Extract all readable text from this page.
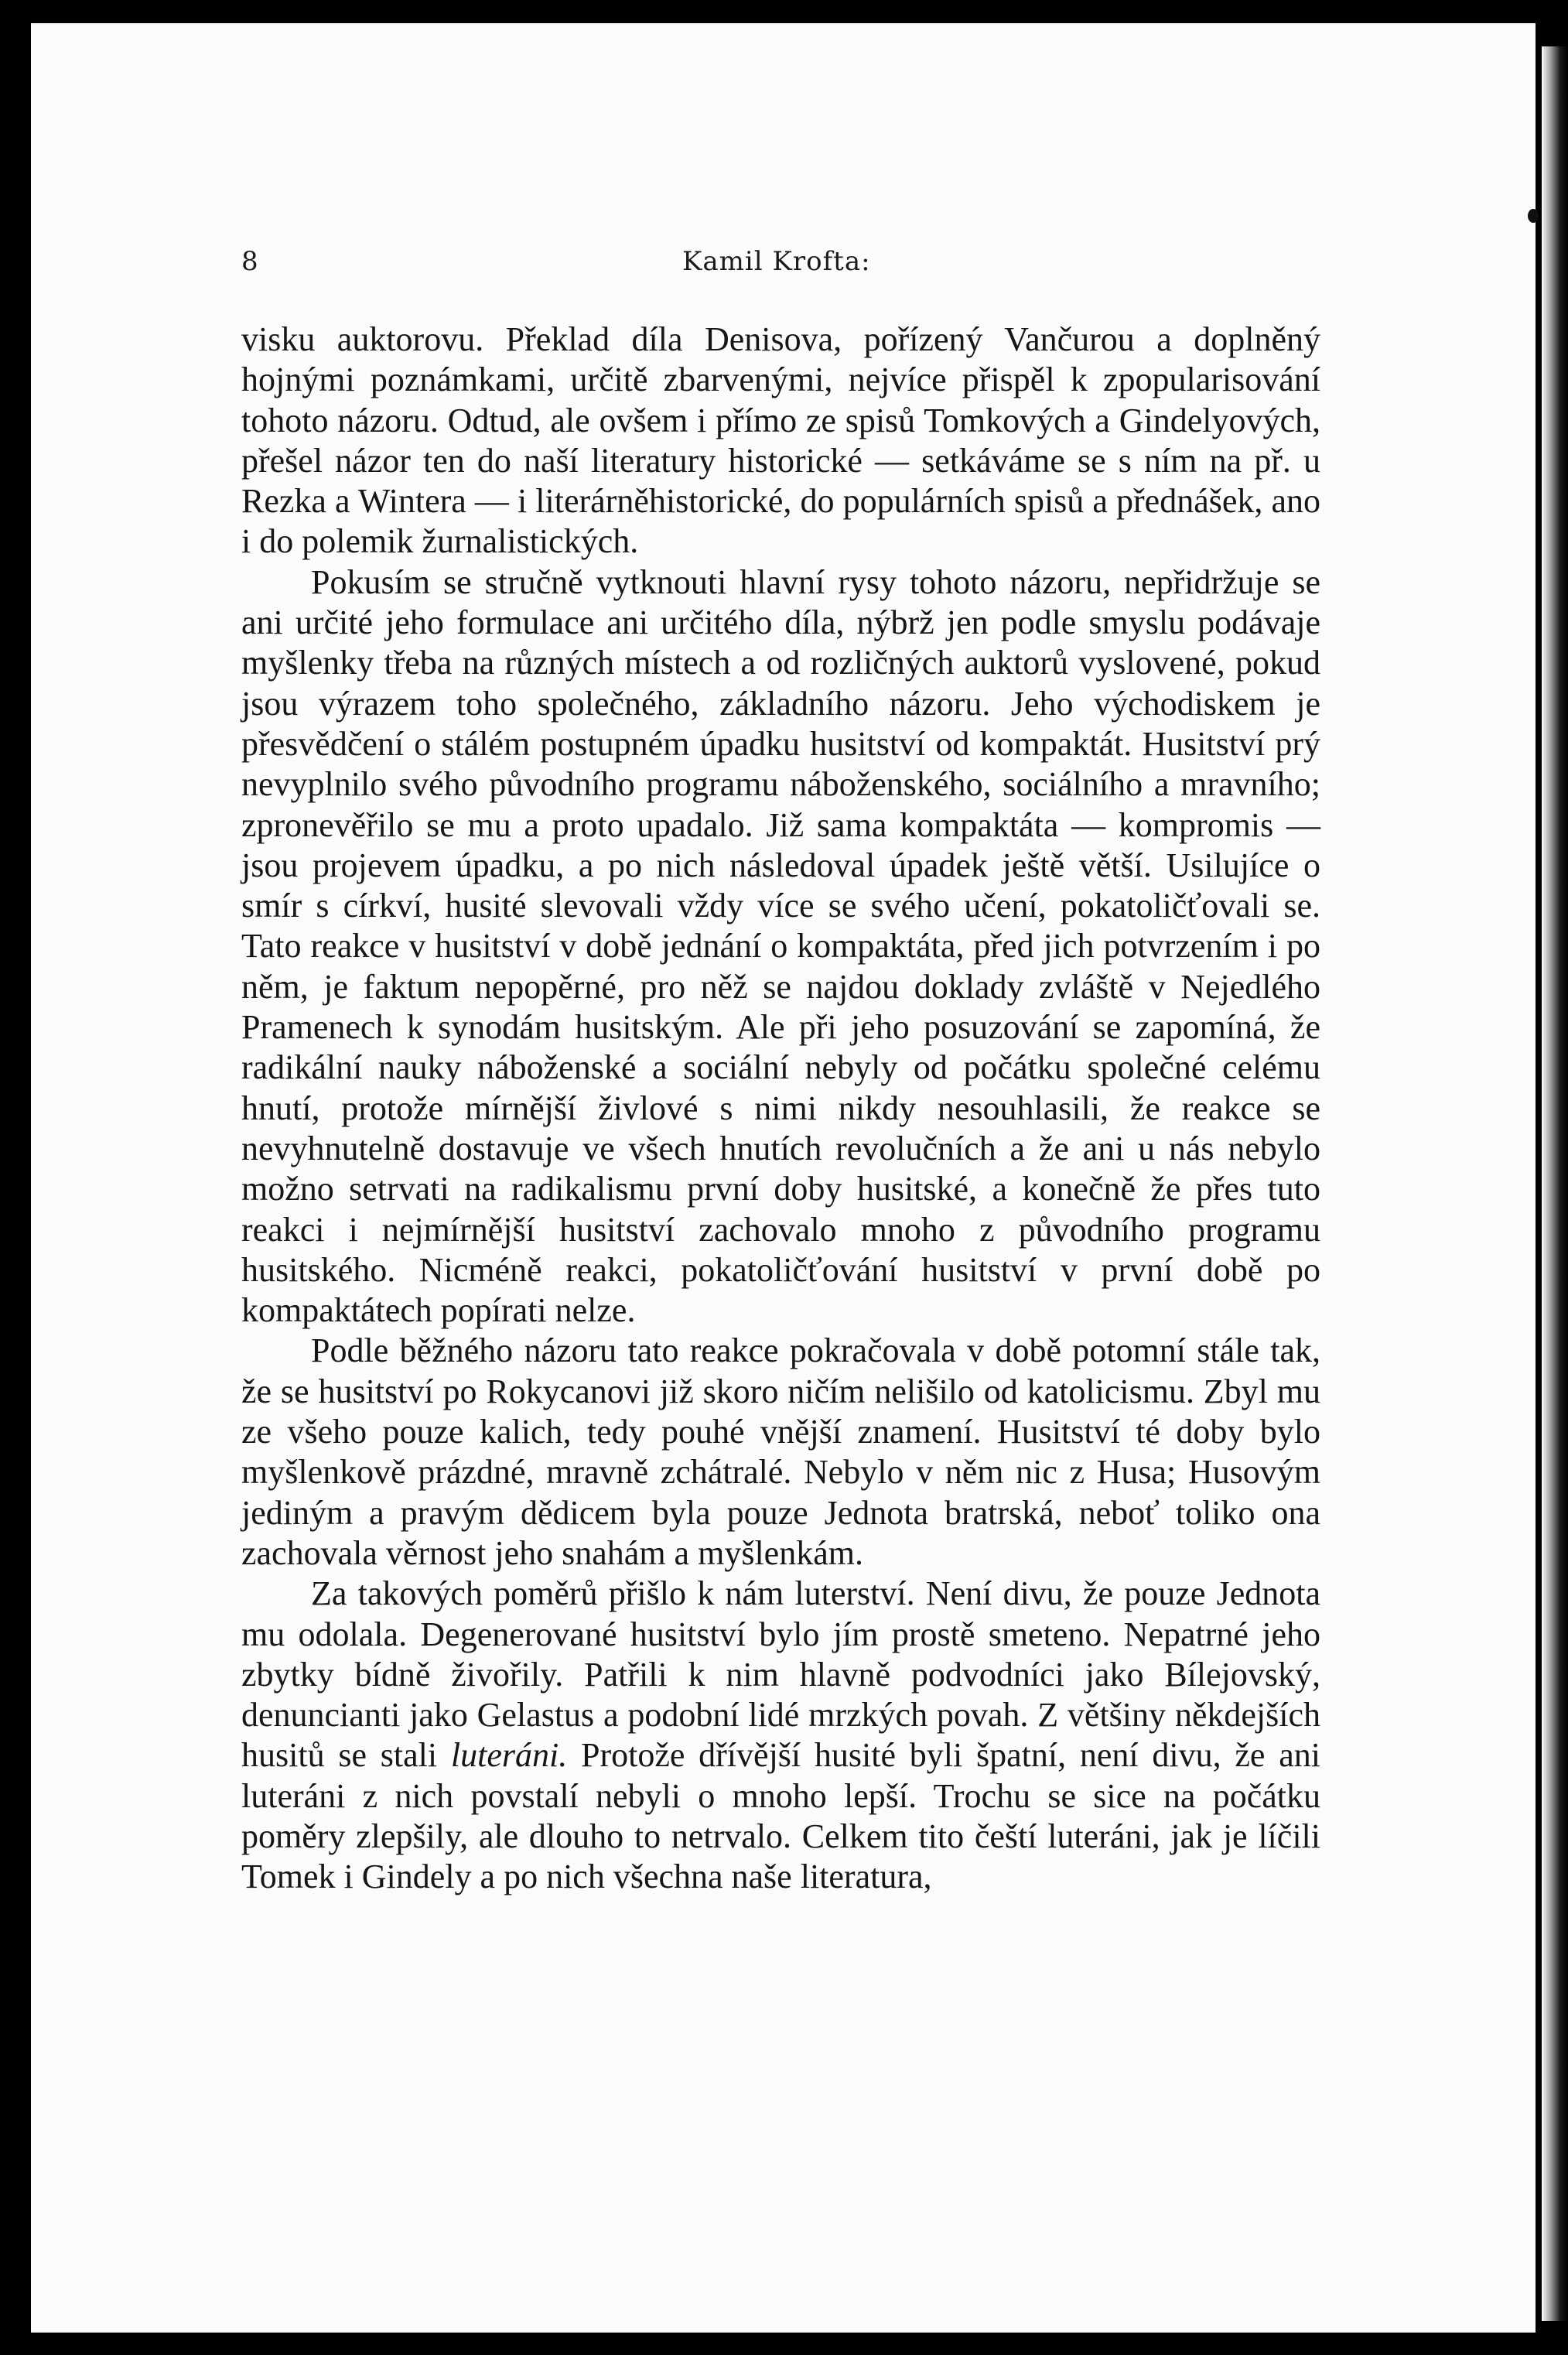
8	Kamil Krofta:

visku auktorovu. Překlad díla Denisova, pořízený Vančurou a doplněný hojnými poznámkami, určitě zbarvenými, nejvíce přispěl k zpopularisování tohoto názoru. Odtud, ale ovšem i přímo ze spisů Tomkových a Gindelyových, přešel názor ten do naší literatury historické — setkáváme se s ním na př. u Rezka a Wintera — i literárněhistorické, do populárních spisů a přednášek, ano i do polemik žurnalistických.

Pokusím se stručně vytknouti hlavní rysy tohoto názoru, nepřidržuje se ani určité jeho formulace ani určitého díla, nýbrž jen podle smyslu podávaje myšlenky třeba na různých místech a od rozličných auktorů vyslovené, pokud jsou výrazem toho společného, základního názoru. Jeho východiskem je přesvědčení o stálém postupném úpadku husitství od kompaktát. Husitství prý nevyplnilo svého původního programu náboženského, sociálního a mravního; zpronevěřilo se mu a proto upadalo. Již sama kompaktáta — kompromis — jsou projevem úpadku, a po nich následoval úpadek ještě větší. Usilujíce o smír s církví, husité slevovali vždy více se svého učení, pokatoličťovali se. Tato reakce v husitství v době jednání o kompaktáta, před jich potvrzením i po něm, je faktum nepopěrné, pro něž se najdou doklady zvláště v Nejedlého Pramenech k synodám husitským. Ale při jeho posuzování se zapomíná, že radikální nauky náboženské a sociální nebyly od počátku společné celému hnutí, protože mírnější živlové s nimi nikdy nesouhlasili, že reakce se nevyhnutelně dostavuje ve všech hnutích revolučních a že ani u nás nebylo možno setrvati na radikalismu první doby husitské, a konečně že přes tuto reakci i nejmírnější husitství zachovalo mnoho z původního programu husitského. Nicméně reakci, pokatoličťování husitství v první době po kompaktátech popírati nelze.

Podle běžného názoru tato reakce pokračovala v době potomní stále tak, že se husitství po Rokycanovi již skoro ničím nelišilo od katolicismu. Zbyl mu ze všeho pouze kalich, tedy pouhé vnější znamení. Husitství té doby bylo myšlenkově prázdné, mravně zchátralé. Nebylo v něm nic z Husa; Husovým jediným a pravým dědicem byla pouze Jednota bratrská, neboť toliko ona zachovala věrnost jeho snahám a myšlenkám.

Za takových poměrů přišlo k nám luterství. Není divu, že pouze Jednota mu odolala. Degenerované husitství bylo jím prostě smeteno. Nepatrné jeho zbytky bídně živořily. Patřili k nim hlavně podvodníci jako Bílejovský, denuncianti jako Gelastus a podobní lidé mrzkých povah. Z většiny někdejších husitů se stali luteráni. Protože dřívější husité byli špatní, není divu, že ani luteráni z nich povstalí nebyli o mnoho lepší. Trochu se sice na počátku poměry zlepšily, ale dlouho to netrvalo. Celkem tito čeští luteráni, jak je líčili Tomek i Gindely a po nich všechna naše literatura,
